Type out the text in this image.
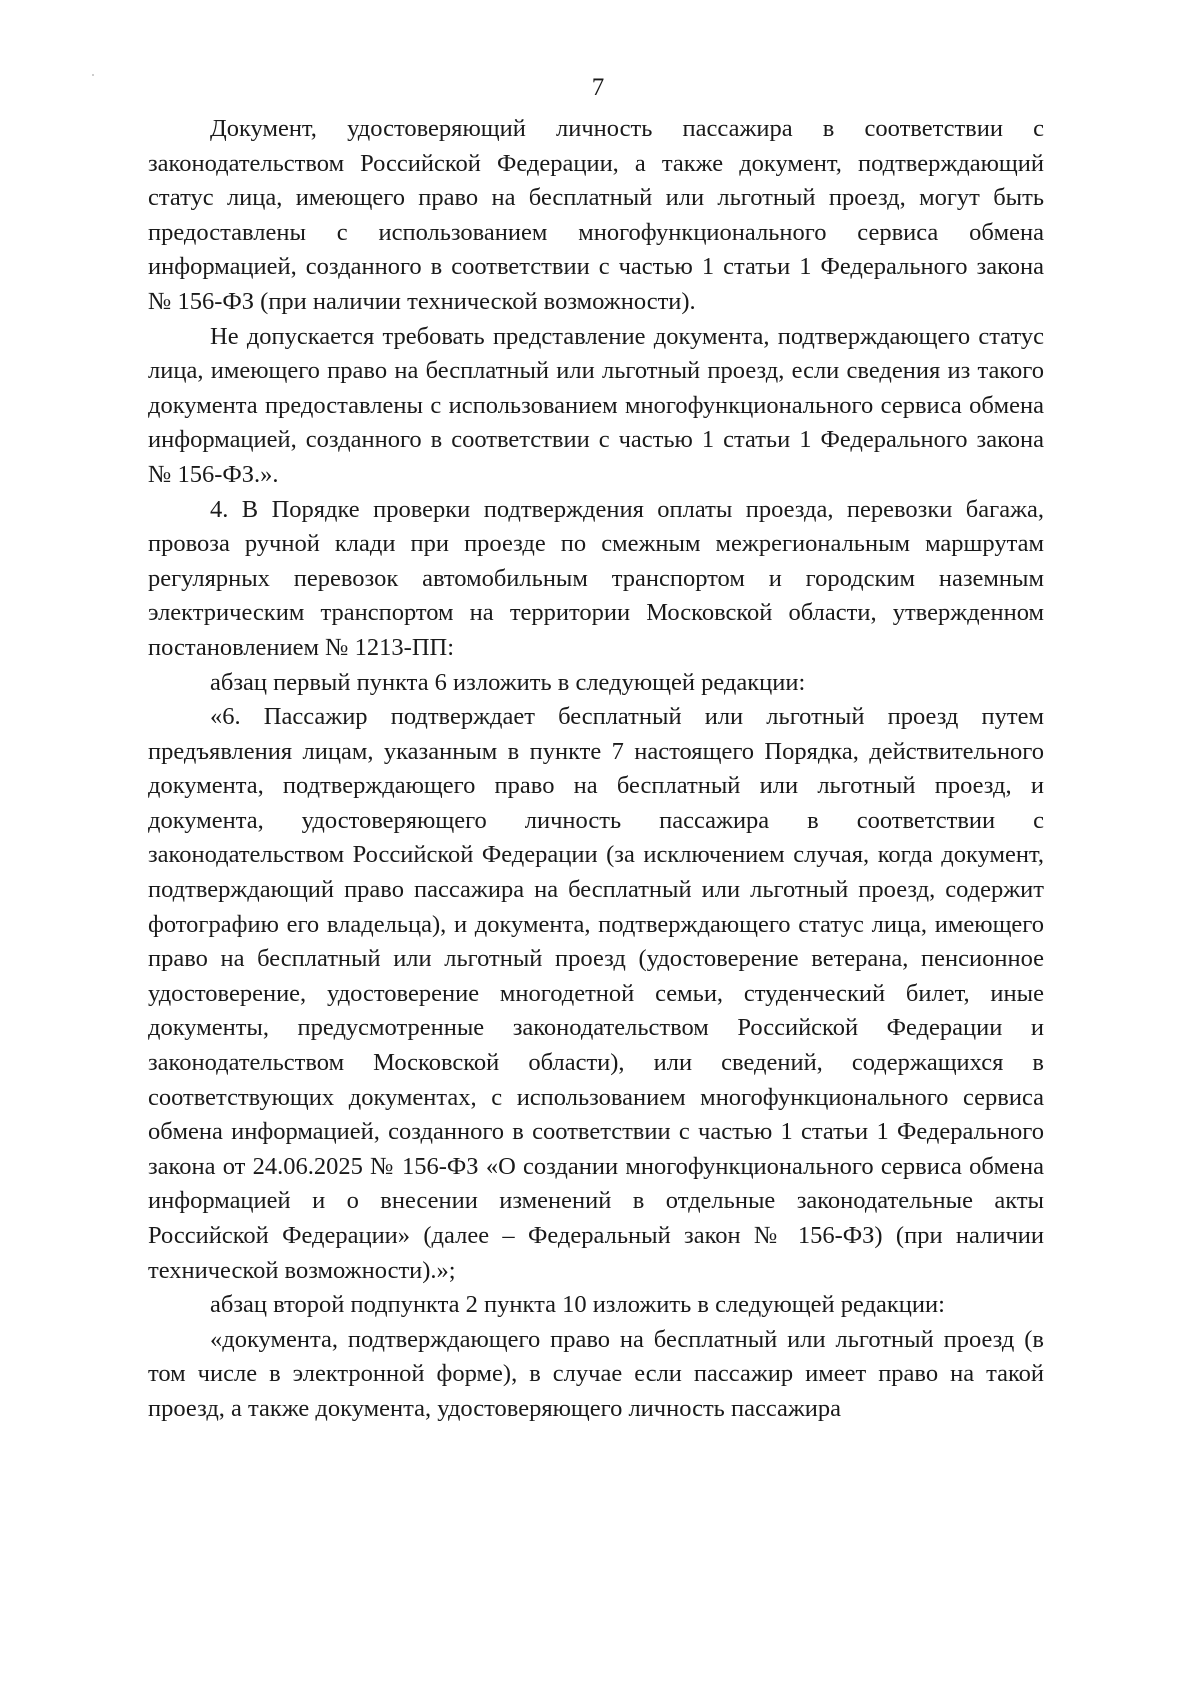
7

Документ, удостоверяющий личность пассажира в соответствии с законодательством Российской Федерации, а также документ, подтверждающий статус лица, имеющего право на бесплатный или льготный проезд, могут быть предоставлены с использованием многофункционального сервиса обмена информацией, созданного в соответствии с частью 1 статьи 1 Федерального закона № 156-ФЗ (при наличии технической возможности).

Не допускается требовать представление документа, подтверждающего статус лица, имеющего право на бесплатный или льготный проезд, если сведения из такого документа предоставлены с использованием многофункционального сервиса обмена информацией, созданного в соответствии с частью 1 статьи 1 Федерального закона № 156-ФЗ.».

4. В Порядке проверки подтверждения оплаты проезда, перевозки багажа, провоза ручной клади при проезде по смежным межрегиональным маршрутам регулярных перевозок автомобильным транспортом и городским наземным электрическим транспортом на территории Московской области, утвержденном постановлением № 1213-ПП:

абзац первый пункта 6 изложить в следующей редакции:

«6. Пассажир подтверждает бесплатный или льготный проезд путем предъявления лицам, указанным в пункте 7 настоящего Порядка, действительного документа, подтверждающего право на бесплатный или льготный проезд, и документа, удостоверяющего личность пассажира в соответствии с законодательством Российской Федерации (за исключением случая, когда документ, подтверждающий право пассажира на бесплатный или льготный проезд, содержит фотографию его владельца), и документа, подтверждающего статус лица, имеющего право на бесплатный или льготный проезд (удостоверение ветерана, пенсионное удостоверение, удостоверение многодетной семьи, студенческий билет, иные документы, предусмотренные законодательством Российской Федерации и законодательством Московской области), или сведений, содержащихся в соответствующих документах, с использованием многофункционального сервиса обмена информацией, созданного в соответствии с частью 1 статьи 1 Федерального закона от 24.06.2025 № 156-ФЗ «О создании многофункционального сервиса обмена информацией и о внесении изменений в отдельные законодательные акты Российской Федерации» (далее – Федеральный закон № 156-ФЗ) (при наличии технической возможности).»;

абзац второй подпункта 2 пункта 10 изложить в следующей редакции:

«документа, подтверждающего право на бесплатный или льготный проезд (в том числе в электронной форме), в случае если пассажир имеет право на такой проезд, а также документа, удостоверяющего личность пассажира
